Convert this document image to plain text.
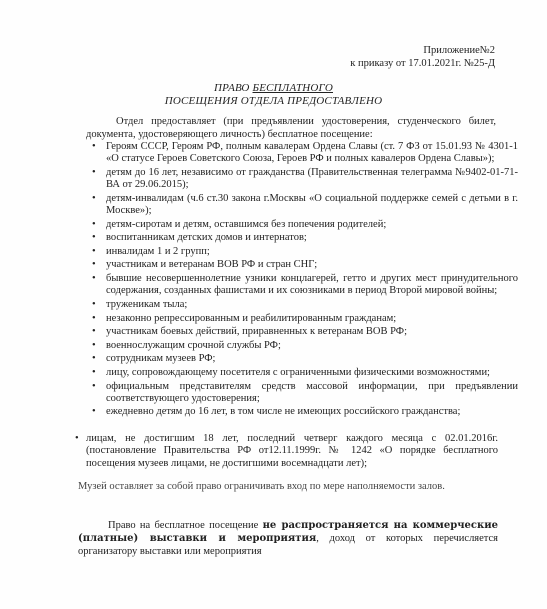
Приложение№2
к приказу от 17.01.2021г. №25-Д
ПРАВО БЕСПЛАТНОГО
ПОСЕЩЕНИЯ ОТДЕЛА ПРЕДОСТАВЛЕНО
Отдел предоставляет (при предъявлении удостоверения, студенческого билет, документа, удостоверяющего личность) бесплатное посещение:
• Героям СССР, Героям РФ, полным кавалерам Ордена Славы (ст. 7 ФЗ от 15.01.93 № 4301-1 «О статусе Героев Советского Союза, Героев РФ и полных кавалеров Ордена Славы»);
• детям до 16 лет, независимо от гражданства (Правительственная телеграмма №9402-01-71-ВА от 29.06.2015);
• детям-инвалидам (ч.6 ст.30 закона г.Москвы «О социальной поддержке семей с детьми в г. Москве»);
• детям-сиротам и детям, оставшимся без попечения родителей;
• воспитанникам детских домов и интернатов;
• инвалидам 1 и 2 групп;
• участникам и ветеранам ВОВ РФ и стран СНГ;
• бывшие несовершеннолетние узники концлагерей, гетто и других мест принудительного содержания, созданных фашистами и их союзниками в период Второй мировой войны;
• труженикам тыла;
• незаконно репрессированным и реабилитированным гражданам;
• участникам боевых действий, приравненных к ветеранам ВОВ РФ;
• военнослужащим срочной службы РФ;
• сотрудникам музеев РФ;
• лицу, сопровождающему посетителя с ограниченными физическими возможностями;
• официальным представителям средств массовой информации, при предъявлении соответствующего удостоверения;
• ежедневно детям до 16 лет, в том числе не имеющих российского гражданства;
• лицам, не достигшим 18 лет, последний четверг каждого месяца с 02.01.2016г. (постановление Правительства РФ от12.11.1999г. № 1242 «О порядке бесплатного посещения музеев лицами, не достигшими восемнадцати лет);
Музей оставляет за собой право ограничивать вход по мере наполняемости залов.
Право на бесплатное посещение не распространяется на коммерческие (платные) выставки и мероприятия, доход от которых перечисляется организатору выставки или мероприятия
